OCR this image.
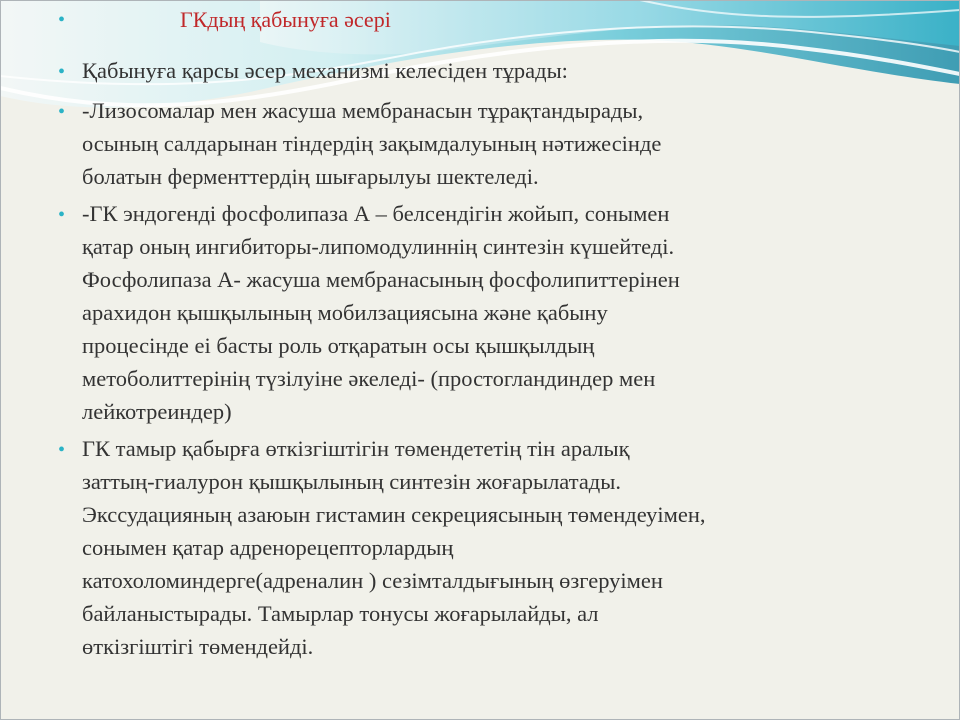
•	ГКдың қабынуға әсері
• Қабынуға қарсы әсер механизмі келесіден тұрады:
• -Лизосомалар мен жасуша мембранасын тұрақтандырады,
осының салдарынан тіндердің зақымдалуының нәтижесінде
болатын ферменттердің шығарылуы шектеледі.
• -ГК эндогенді фосфолипаза А – белсендігін жойып, сонымен
қатар оның ингибиторы-липомодулиннің синтезін күшейтеді.
Фосфолипаза А- жасуша мембранасының фосфолипиттерінен
арахидон қышқылының мобилзациясына және қабыну
процесінде еі басты роль отқаратын осы қышқылдың
метоболиттерінің түзілуіне әкеледі- (простогландиндер мен
лейкотреиндер)
• ГК тамыр қабырға өткізгіштігін төмендететің тін аралық
заттың-гиалурон қышқылының синтезін жоғарылатады.
Экссудацияның азаюын гистамин секрециясының төмендеуімен,
сонымен қатар адренорецепторлардың
катохоломиндерге(адреналин ) сезімталдығының өзгеруімен
байланыстырады. Тамырлар тонусы жоғарылайды, ал
өткізгіштігі төмендейді.
